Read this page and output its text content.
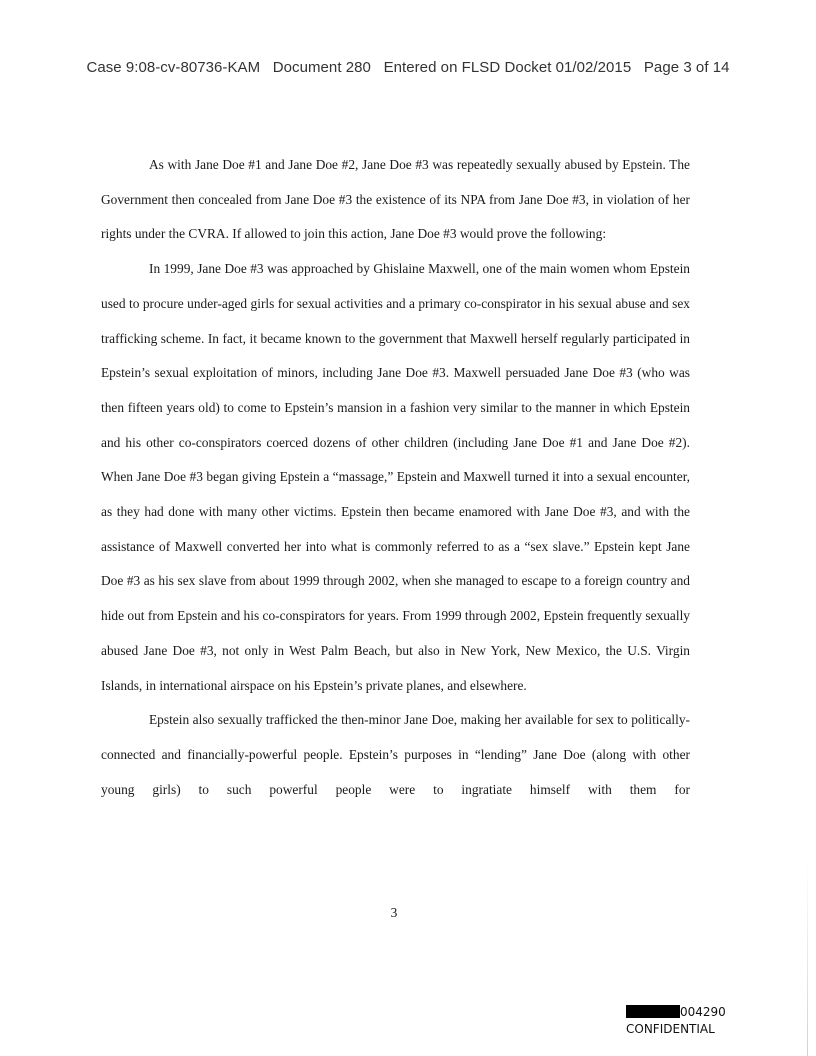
Case 9:08-cv-80736-KAM   Document 280   Entered on FLSD Docket 01/02/2015   Page 3 of 14

As with Jane Doe #1 and Jane Doe #2, Jane Doe #3 was repeatedly sexually abused by Epstein. The Government then concealed from Jane Doe #3 the existence of its NPA from Jane Doe #3, in violation of her rights under the CVRA. If allowed to join this action, Jane Doe #3 would prove the following:

In 1999, Jane Doe #3 was approached by Ghislaine Maxwell, one of the main women whom Epstein used to procure under-aged girls for sexual activities and a primary co-conspirator in his sexual abuse and sex trafficking scheme. In fact, it became known to the government that Maxwell herself regularly participated in Epstein’s sexual exploitation of minors, including Jane Doe #3. Maxwell persuaded Jane Doe #3 (who was then fifteen years old) to come to Epstein’s mansion in a fashion very similar to the manner in which Epstein and his other co-conspirators coerced dozens of other children (including Jane Doe #1 and Jane Doe #2). When Jane Doe #3 began giving Epstein a “massage,” Epstein and Maxwell turned it into a sexual encounter, as they had done with many other victims. Epstein then became enamored with Jane Doe #3, and with the assistance of Maxwell converted her into what is commonly referred to as a “sex slave.” Epstein kept Jane Doe #3 as his sex slave from about 1999 through 2002, when she managed to escape to a foreign country and hide out from Epstein and his co-conspirators for years. From 1999 through 2002, Epstein frequently sexually abused Jane Doe #3, not only in West Palm Beach, but also in New York, New Mexico, the U.S. Virgin Islands, in international airspace on his Epstein’s private planes, and elsewhere.

Epstein also sexually trafficked the then-minor Jane Doe, making her available for sex to politically-connected and financially-powerful people. Epstein’s purposes in “lending” Jane Doe (along with other young girls) to such powerful people were to ingratiate himself with them for

3
004290
CONFIDENTIAL
